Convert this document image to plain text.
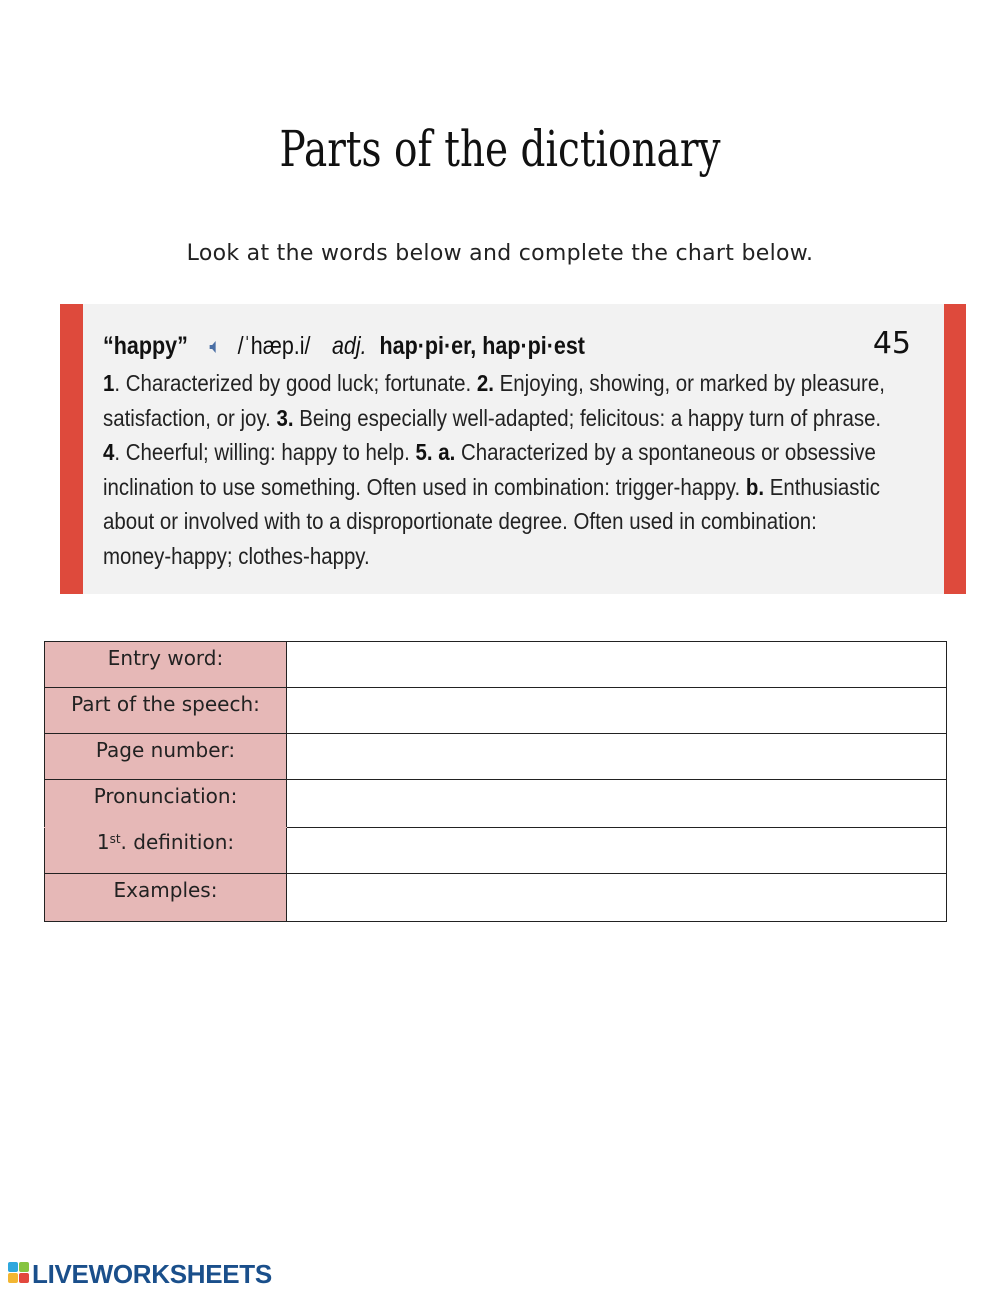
Parts of the dictionary
Look at the words below and complete the chart below.
“happy” /ˈhæp.i/ adj. hap·pi·er, hap·pi·est	45
1. Characterized by good luck; fortunate. 2. Enjoying, showing, or marked by pleasure,
satisfaction, or joy. 3. Being especially well-adapted; felicitous: a happy turn of phrase.
4. Cheerful; willing: happy to help. 5. a. Characterized by a spontaneous or obsessive
inclination to use something. Often used in combination: trigger-happy. b. Enthusiastic
about or involved with to a disproportionate degree. Often used in combination:
money-happy; clothes-happy.
Entry word:	

Part of the speech:	

Page number:	

Pronunciation:	

1st. definition:	

Examples:	
LIVEWORKSHEETS
